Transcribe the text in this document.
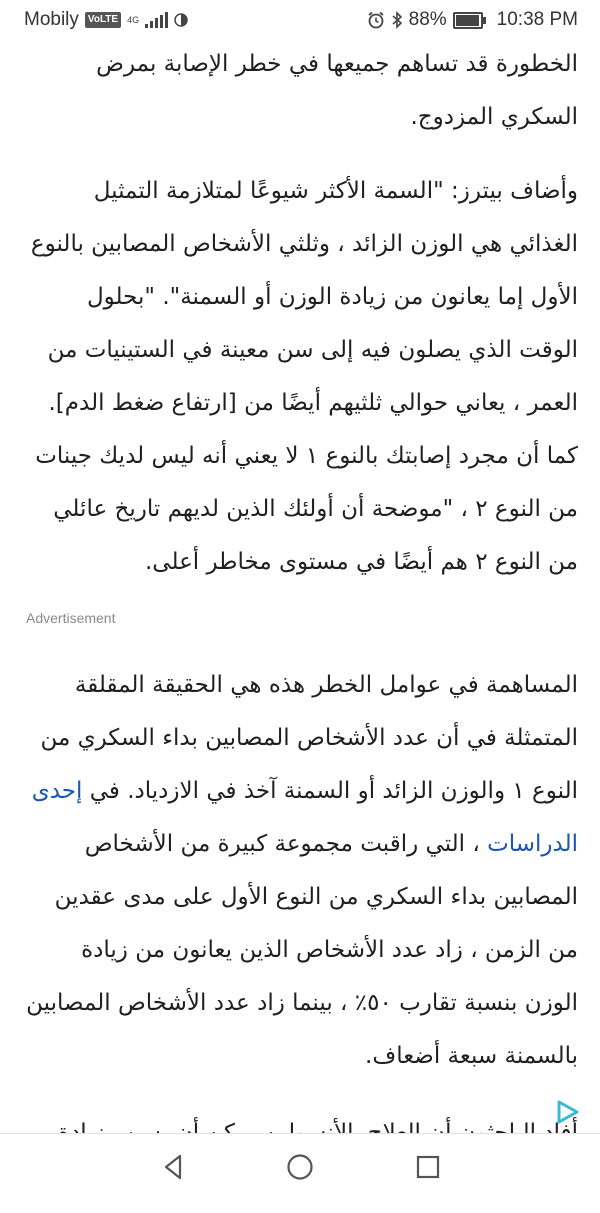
Mobily VoLTE	4G	88%	10:38 PM

الخطورة قد تساهم جميعها في خطر الإصابة بمرض السكري المزدوج.

وأضاف بيترز: "السمة الأكثر شيوعًا لمتلازمة التمثيل الغذائي هي الوزن الزائد ، وثلثي الأشخاص المصابين بالنوع الأول إما يعانون من زيادة الوزن أو السمنة". "بحلول الوقت الذي يصلون فيه إلى سن معينة في الستينيات من العمر ، يعاني حوالي ثلثيهم أيضًا من [ارتفاع ضغط الدم]. كما أن مجرد إصابتك بالنوع ١ لا يعني أنه ليس لديك جينات من النوع ٢ ، "موضحة أن أولئك الذين لديهم تاريخ عائلي من النوع ٢ هم أيضًا في مستوى مخاطر أعلى.

Advertisement

المساهمة في عوامل الخطر هذه هي الحقيقة المقلقة المتمثلة في أن عدد الأشخاص المصابين بداء السكري من النوع ١ والوزن الزائد أو السمنة آخذ في الازدياد. في إحدى الدراسات ، التي راقبت مجموعة كبيرة من الأشخاص المصابين بداء السكري من النوع الأول على مدى عقدين من الزمن ، زاد عدد الأشخاص الذين يعانون من زيادة الوزن بنسبة تقارب ٥٠٪ ، بينما زاد عدد الأشخاص المصابين بالسمنة سبعة أضعاف.
